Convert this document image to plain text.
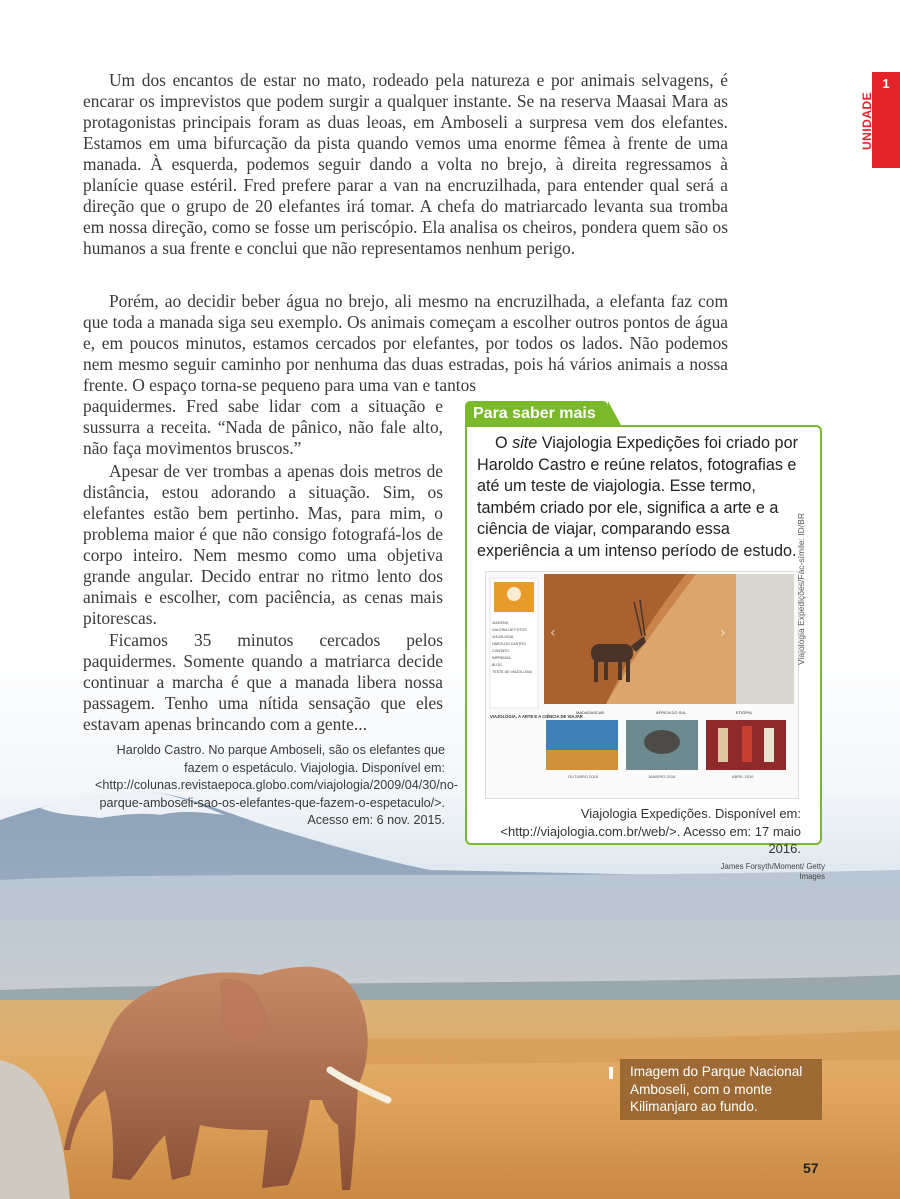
1
UNIDADE

Um dos encantos de estar no mato, rodeado pela natureza e por animais selvagens, é encarar os imprevistos que podem surgir a qualquer instante. Se na reserva Maasai Mara as protagonistas principais foram as duas leoas, em Amboseli a surpresa vem dos elefantes. Estamos em uma bifurcação da pista quando vemos uma enorme fêmea à frente de uma manada. À esquerda, podemos seguir dando a volta no brejo, à direita regressamos à planície quase estéril. Fred prefere parar a van na encruzilhada, para entender qual será a direção que o grupo de 20 elefantes irá tomar. A chefa do matriarcado levanta sua tromba em nossa direção, como se fosse um periscópio. Ela analisa os cheiros, pondera quem são os humanos a sua frente e conclui que não representamos nenhum perigo.

Porém, ao decidir beber água no brejo, ali mesmo na encruzilhada, a elefanta faz com que toda a manada siga seu exemplo. Os animais começam a escolher outros pontos de água e, em poucos minutos, estamos cercados por elefantes, por todos os lados. Não podemos nem mesmo seguir caminho por nenhuma das duas estradas, pois há vários animais a nossa frente. O espaço torna-se pequeno para uma van e tantos

paquidermes. Fred sabe lidar com a situação e sussurra a receita. “Nada de pânico, não fale alto, não faça movimentos bruscos.”

Apesar de ver trombas a apenas dois metros de distância, estou adorando a situação. Sim, os elefantes estão bem pertinho. Mas, para mim, o problema maior é que não consigo fotografá-los de corpo inteiro. Nem mesmo como uma objetiva grande angular. Decido entrar no ritmo lento dos animais e escolher, com paciência, as cenas mais pitorescas.

Ficamos 35 minutos cercados pelos paquidermes. Somente quando a matriarca decide continuar a marcha é que a manada libera nossa passagem. Tenho uma nítida sensação que eles estavam apenas brincando com a gente...

Haroldo Castro. No parque Amboseli, são os elefantes que fazem o espetáculo. Viajologia. Disponível em: <http://colunas.revistaepoca.globo.com/viajologia/2009/04/30/no-parque-amboseli-sao-os-elefantes-que-fazem-o-espetaculo/>. Acesso em: 6 nov. 2015.
Para saber mais

O site Viajologia Expedições foi criado por Haroldo Castro e reúne relatos, fotografias e até um teste de viajologia. Esse termo, também criado por ele, significa a arte e a ciência de viajar, comparando essa experiência a um intenso período de estudo.

VIAGENS
GALERIA DE FOTOS
VIAJOLOGIA
HAROLDO CASTRO
CONTATO
IMPRENSA
BLOG
TESTE DE VIAJOLOGIA
‹	›
VIAJOLOGIA, A ARTE E A CIÊNCIA DE VIAJAR
MADAGASCAR	ÁFRICA DO SUL	ETIÓPIA
OUTUBRO 2015	JANEIRO 2016	ABRIL 2016
Viajologia Expedições/Fac-símile: ID/BR
Viajologia Expedições. Disponível em: <http://viajologia.com.br/web/>. Acesso em: 17 maio 2016.
James Forsyth/Moment/ Getty Images
Imagem do Parque Nacional Amboseli, com o monte Kilimanjaro ao fundo.
57
